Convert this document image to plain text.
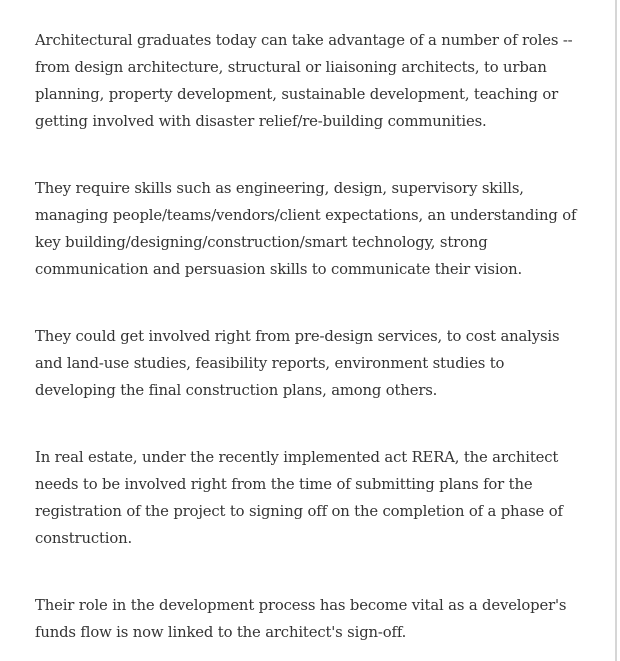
Architectural graduates today can take advantage of a number of roles -- from design architecture, structural or liaisoning architects, to urban planning, property development, sustainable development, teaching or getting involved with disaster relief/re-building communities.

They require skills such as engineering, design, supervisory skills, managing people/teams/vendors/client expectations, an understanding of key building/designing/construction/smart technology, strong communication and persuasion skills to communicate their vision.

They could get involved right from pre-design services, to cost analysis and land-use studies, feasibility reports, environment studies to developing the final construction plans, among others.

In real estate, under the recently implemented act RERA, the architect needs to be involved right from the time of submitting plans for the registration of the project to signing off on the completion of a phase of construction.

Their role in the development process has become vital as a developer's funds flow is now linked to the architect's sign-off.
